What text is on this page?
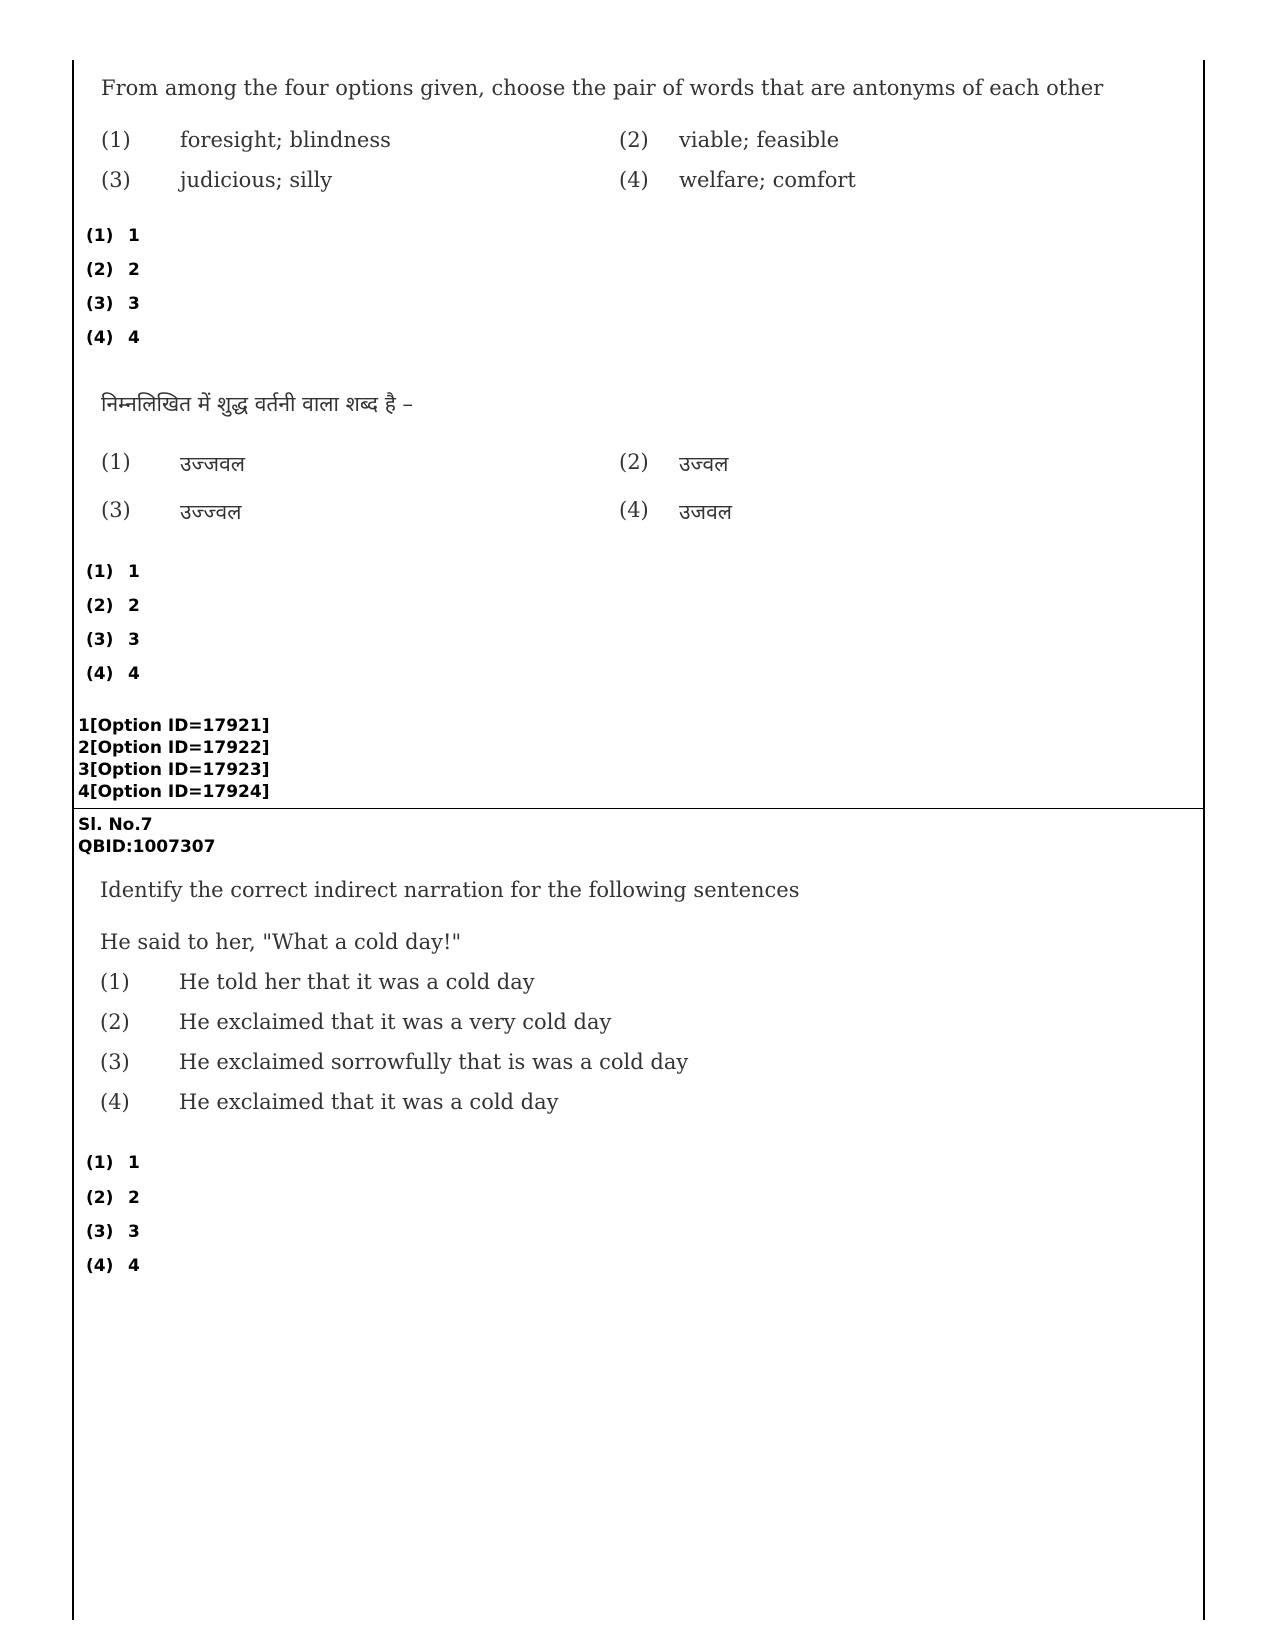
From among the four options given, choose the pair of words that are antonyms of each other
(1) foresight; blindness	(2) viable; feasible
(3) judicious; silly	(4) welfare; comfort
(1) 1
(2) 2
(3) 3
(4) 4
निम्नलिखित में शुद्ध वर्तनी वाला शब्द है –
(1) उज्जवल	(2) उज्वल
(3) उज्ज्वल	(4) उजवल
(1) 1
(2) 2
(3) 3
(4) 4
1[Option ID=17921]
2[Option ID=17922]
3[Option ID=17923]
4[Option ID=17924]
Sl. No.7
QBID:1007307
Identify the correct indirect narration for the following sentences
He said to her, "What a cold day!"
(1) He told her that it was a cold day
(2) He exclaimed that it was a very cold day
(3) He exclaimed sorrowfully that is was a cold day
(4) He exclaimed that it was a cold day
(1) 1
(2) 2
(3) 3
(4) 4
